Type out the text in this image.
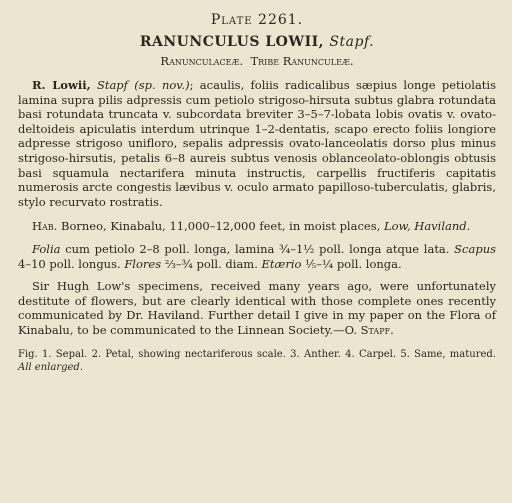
Plate 2261.
RANUNCULUS LOWII, Stapf.
Ranunculaceæ. Tribe Ranunculeæ.

R. Lowii, Stapf (sp. nov.); acaulis, foliis radicalibus sæpius longe petiolatis lamina supra pilis adpressis cum petiolo strigoso-hirsuta subtus glabra rotundata basi rotundata truncata v. subcordata breviter 3–5–7-lobata lobis ovatis v. ovato-deltoideis apiculatis interdum utrinque 1–2-dentatis, scapo erecto foliis longiore adpresse strigoso unifloro, sepalis adpressis ovato-lanceolatis dorso plus minus strigoso-hirsutis, petalis 6–8 aureis subtus venosis oblanceolato-oblongis obtusis basi squamula nectarifera minuta instructis, carpellis fructiferis capitatis numerosis arcte congestis lævibus v. oculo armato papilloso-tuberculatis, glabris, stylo recurvato rostratis.

Hab. Borneo, Kinabalu, 11,000–12,000 feet, in moist places, Low, Haviland.

Folia cum petiolo 2–8 poll. longa, lamina ¾–1½ poll. longa atque lata. Scapus 4–10 poll. longus. Flores ⅔–¾ poll. diam. Etærio ⅕–¼ poll. longa.

Sir Hugh Low's specimens, received many years ago, were unfortunately destitute of flowers, but are clearly identical with those complete ones recently communicated by Dr. Haviland. Further detail I give in my paper on the Flora of Kinabalu, to be communicated to the Linnean Society.—O. Stapf.

Fig. 1. Sepal. 2. Petal, showing nectariferous scale. 3. Anther. 4. Carpel. 5. Same, matured. All enlarged.
